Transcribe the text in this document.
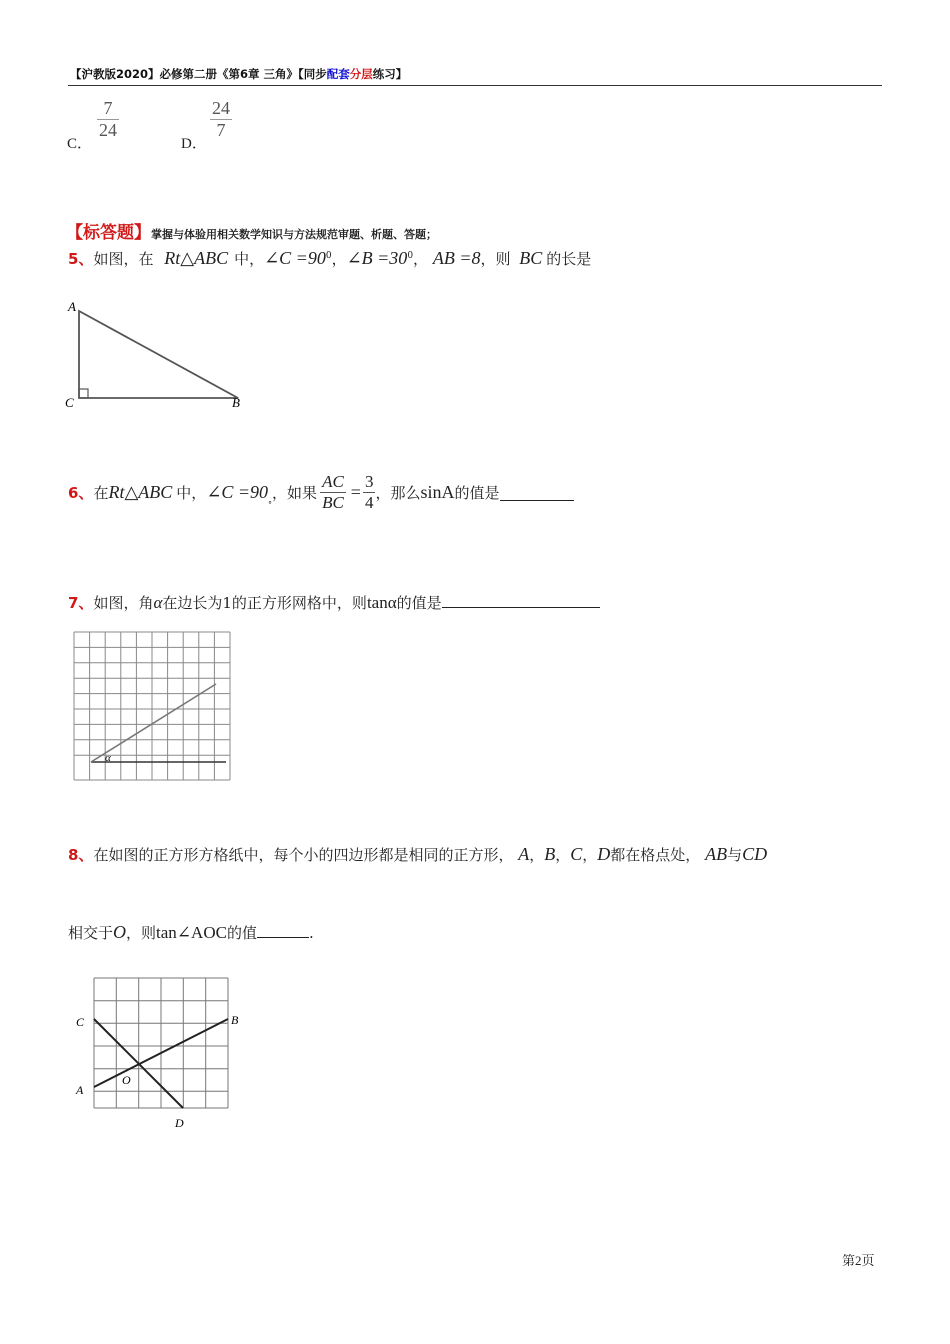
【沪教版2020】必修第二册《第6章 三角》【同步配套分层练习】
C．
$\frac{7}{24}$
D．
$\frac{24}{7}$
【标答题】掌握与体验用相关数学知识与方法规范审题、析题、答题；
5、如图，在 Rt△ABC 中，∠C $=90^0$，∠B $=30^0$， AB =8，则 BC 的长是
A
C	B
6、 在 Rt△ABC 中， ∠C =90
$^\circ$
，如果 $\frac{AC}{BC} = \frac{3}{4}$ ，那么 sinA 的值是
7、如图，角α在边长为1的正方形网格中，则tanα的值是
α
8、在如图的正方形方格纸中，每个小的四边形都是相同的正方形， A，B，C，D都在格点处， AB与CD
相交于O，则tan∠AOC的值	.
C
A
B
D
O
第2页
